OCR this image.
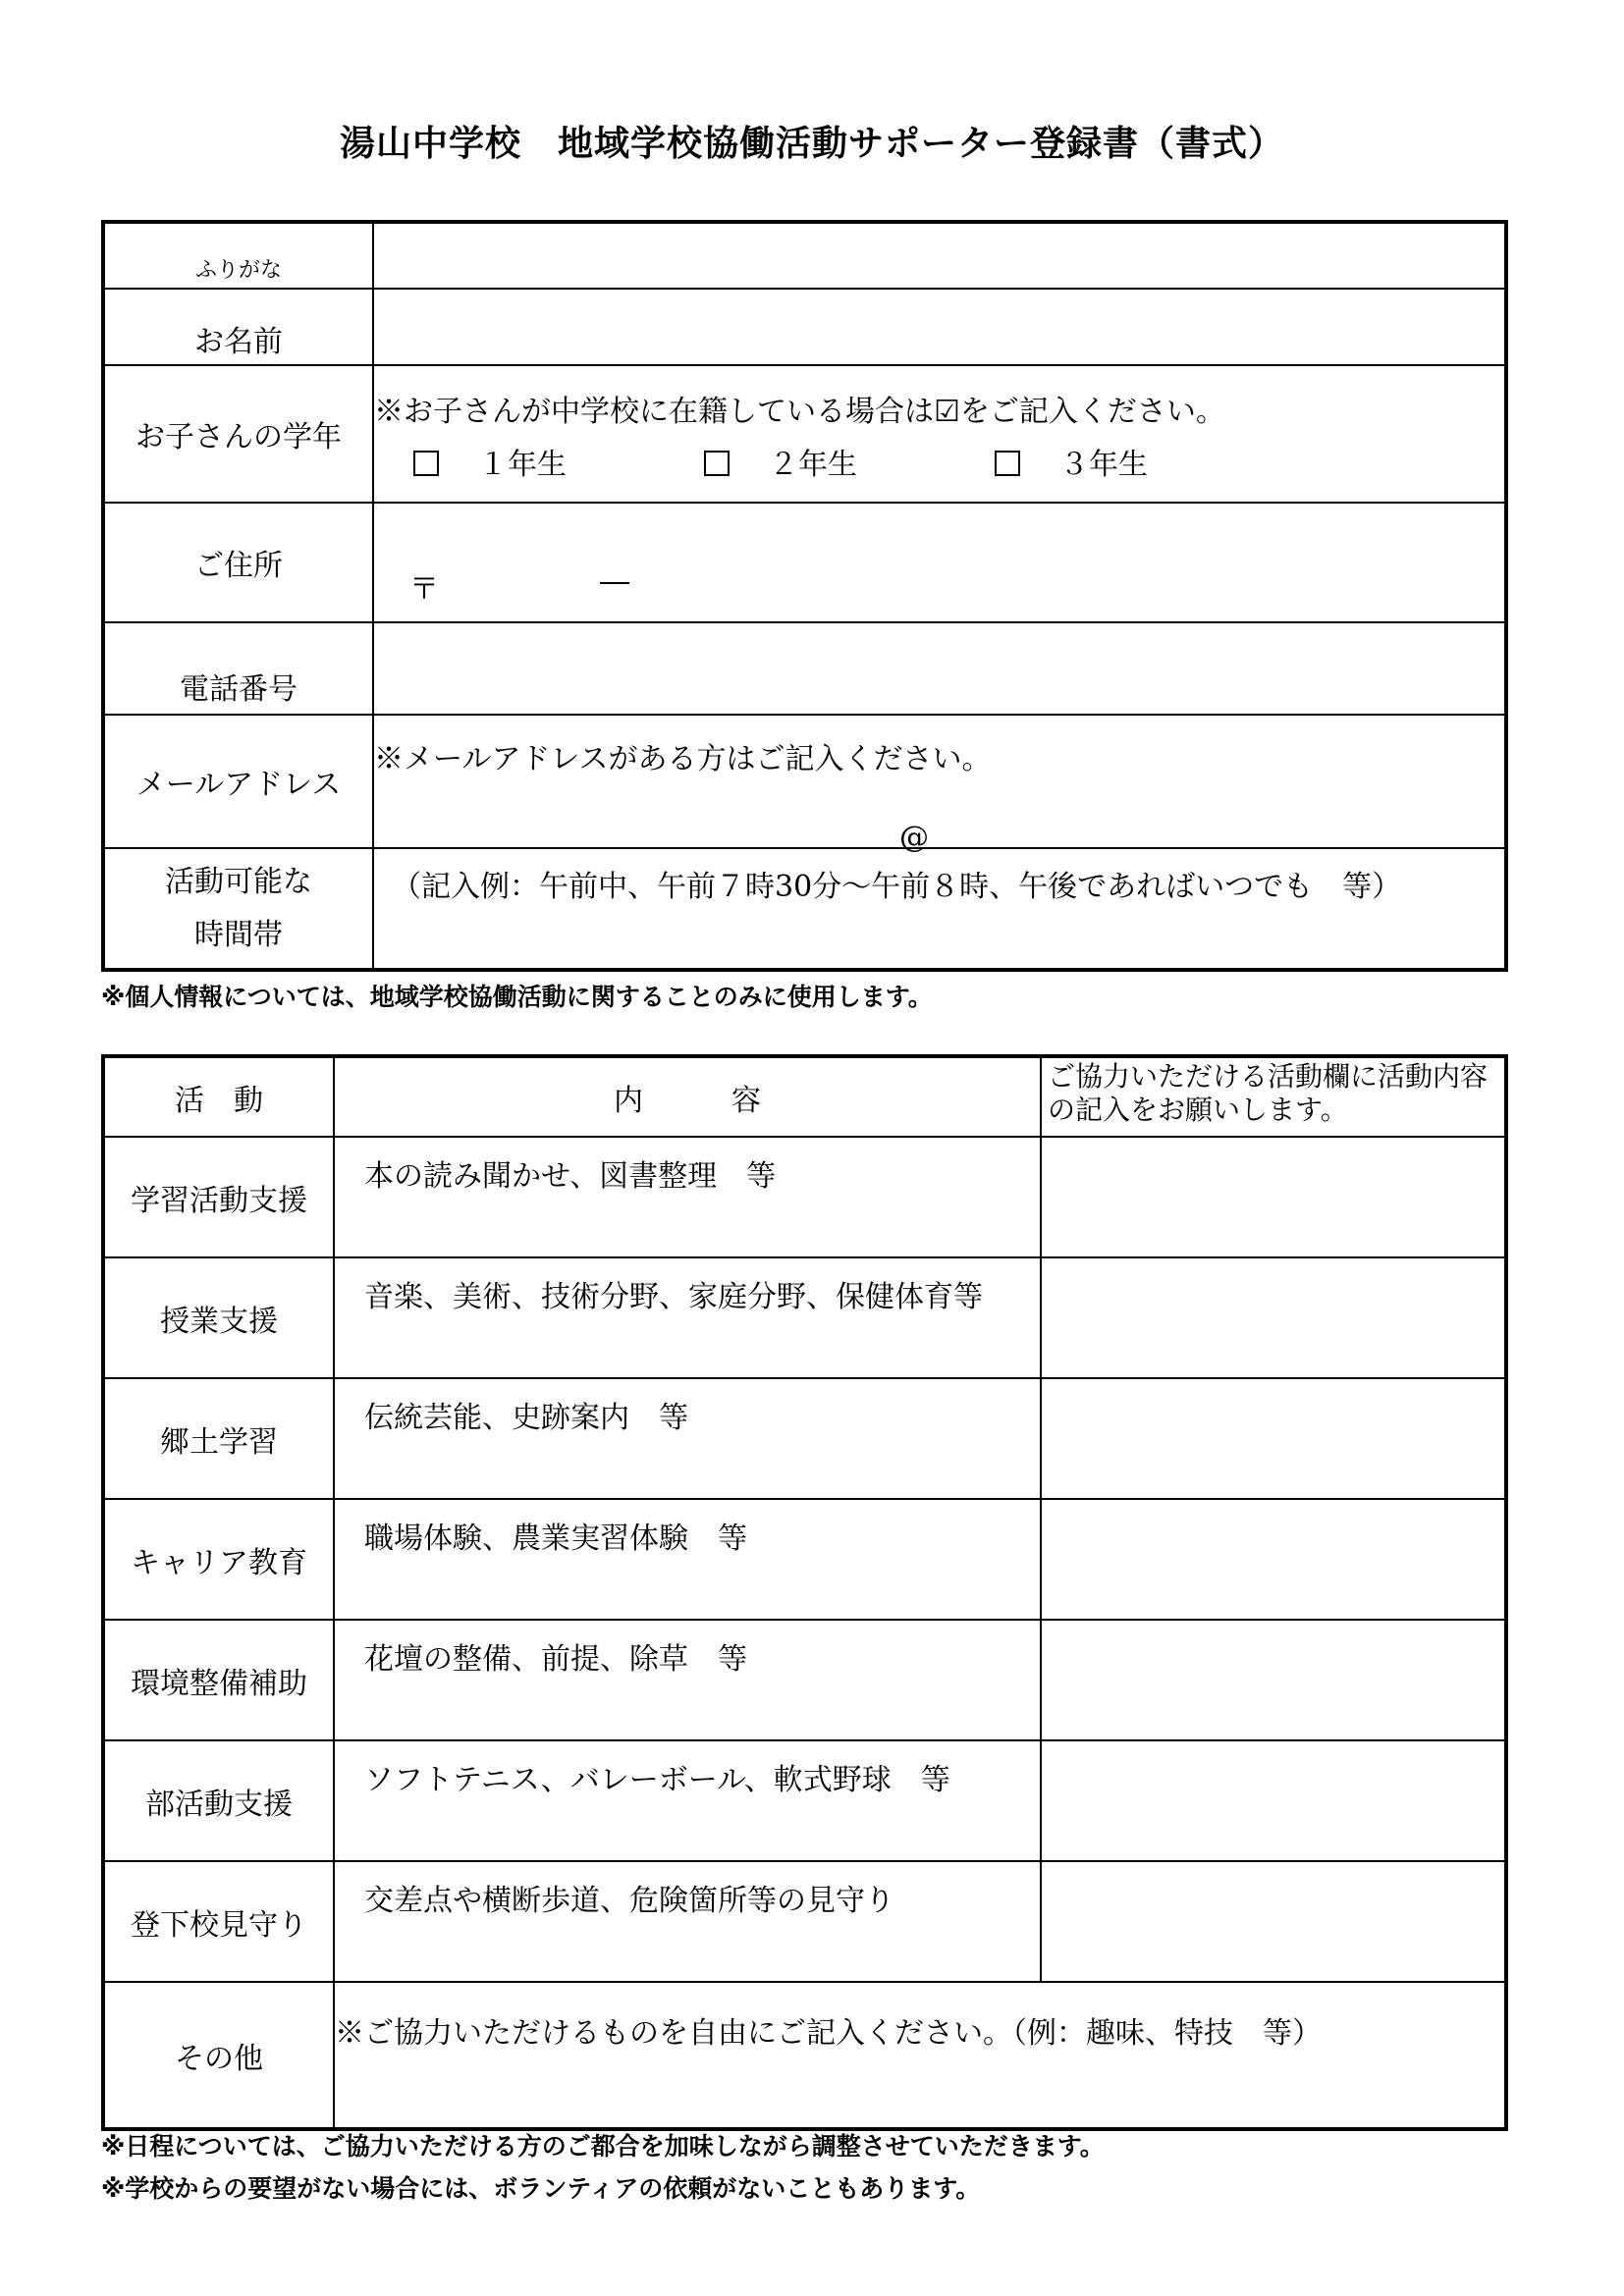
湯山中学校　地域学校協働活動サポーター登録書（書式）
ふりがな	
お名前	
お子さんの学年	１年生 ２年生 ３年生
※お子さんが中学校に在籍している場合は☑をご記入ください。

ご住所	〒 ―

電話番号	
メールアドレス	@
※メールアドレスがある方はご記入ください。

活動可能な
時間帯	（記入例：午前中、午前７時30分～午前８時、午後であればいつでも　等）
※個人情報については、地域学校協働活動に関することのみに使用します。
活　動	内　　　容	ご協力いただける活動欄に活動内容の記入をお願いします。
学習活動支援	本の読み聞かせ、図書整理　等	
授業支援	音楽、美術、技術分野、家庭分野、保健体育等	
郷土学習	伝統芸能、史跡案内　等	
キャリア教育	職場体験、農業実習体験　等	
環境整備補助	花壇の整備、前提、除草　等	
部活動支援	ソフトテニス、バレーボール、軟式野球　等	
登下校見守り	交差点や横断歩道、危険箇所等の見守り	
その他	※ご協力いただけるものを自由にご記入ください。（例：趣味、特技　等）	
※日程については、ご協力いただける方のご都合を加味しながら調整させていただきます。
※学校からの要望がない場合には、ボランティアの依頼がないこともあります。
